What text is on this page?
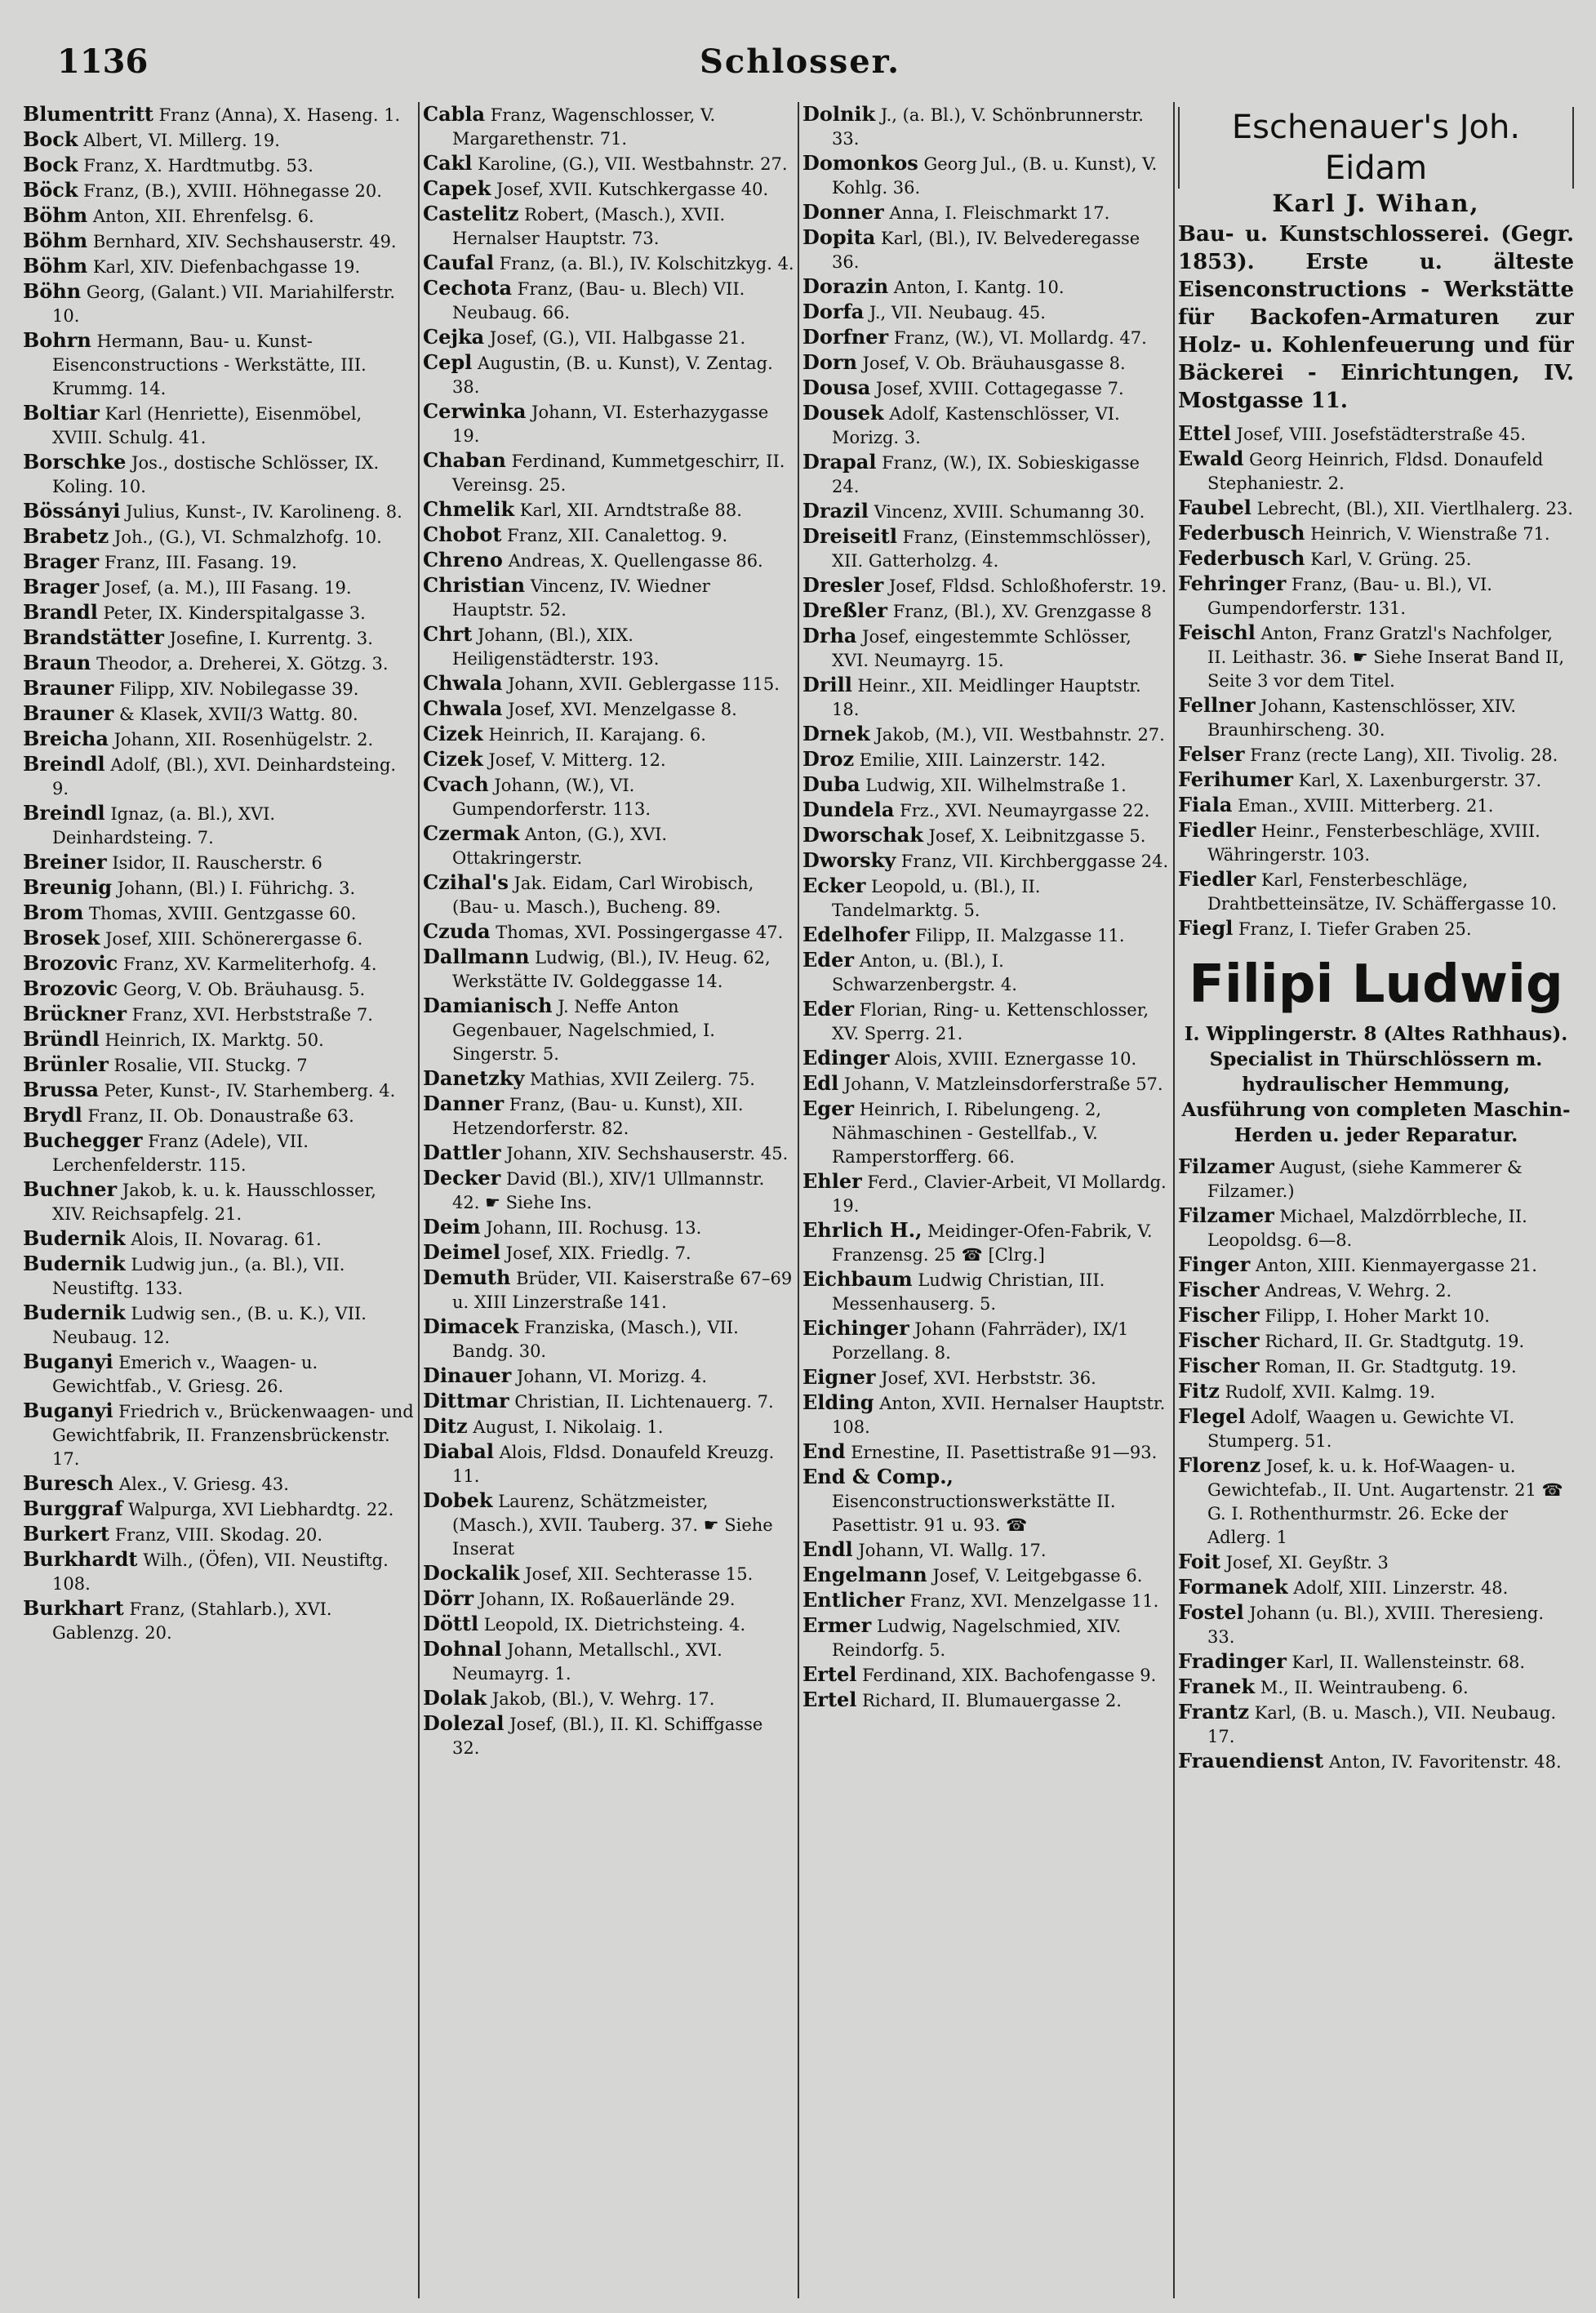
1136	Schlosser.

Blumentritt Franz (Anna), X. Haseng. 1.

Bock Albert, VI. Millerg. 19.

Bock Franz, X. Hardtmutbg. 53.

Böck Franz, (B.), XVIII. Höhnegasse 20.

Böhm Anton, XII. Ehrenfelsg. 6.

Böhm Bernhard, XIV. Sechshauserstr. 49.

Böhm Karl, XIV. Diefenbachgasse 19.

Böhn Georg, (Galant.) VII. Mariahilferstr. 10.

Bohrn Hermann, Bau- u. Kunst-Eisenconstructions - Werkstätte, III. Krummg. 14.

Boltiar Karl (Henriette), Eisenmöbel, XVIII. Schulg. 41.

Borschke Jos., dostische Schlösser, IX. Koling. 10.

Bössányi Julius, Kunst-, IV. Karolineng. 8.

Brabetz Joh., (G.), VI. Schmalzhofg. 10.

Brager Franz, III. Fasang. 19.

Brager Josef, (a. M.), III Fasang. 19.

Brandl Peter, IX. Kinderspitalgasse 3.

Brandstätter Josefine, I. Kurrentg. 3.

Braun Theodor, a. Dreherei, X. Götzg. 3.

Brauner Filipp, XIV. Nobilegasse 39.

Brauner & Klasek, XVII/3 Wattg. 80.

Breicha Johann, XII. Rosenhügelstr. 2.

Breindl Adolf, (Bl.), XVI. Deinhardsteing. 9.

Breindl Ignaz, (a. Bl.), XVI. Deinhardsteing. 7.

Breiner Isidor, II. Rauscherstr. 6

Breunig Johann, (Bl.) I. Führichg. 3.

Brom Thomas, XVIII. Gentzgasse 60.

Brosek Josef, XIII. Schönerergasse 6.

Brozovic Franz, XV. Karmeliterhofg. 4.

Brozovic Georg, V. Ob. Bräuhausg. 5.

Brückner Franz, XVI. Herbststraße 7.

Bründl Heinrich, IX. Marktg. 50.

Brünler Rosalie, VII. Stuckg. 7

Brussa Peter, Kunst-, IV. Starhemberg. 4.

Brydl Franz, II. Ob. Donaustraße 63.

Buchegger Franz (Adele), VII. Lerchenfelderstr. 115.

Buchner Jakob, k. u. k. Hausschlosser, XIV. Reichsapfelg. 21.

Budernik Alois, II. Novarag. 61.

Budernik Ludwig jun., (a. Bl.), VII. Neustiftg. 133.

Budernik Ludwig sen., (B. u. K.), VII. Neubaug. 12.

Buganyi Emerich v., Waagen- u. Gewichtfab., V. Griesg. 26.

Buganyi Friedrich v., Brückenwaagen- und Gewichtfabrik, II. Franzensbrückenstr. 17.

Buresch Alex., V. Griesg. 43.

Burggraf Walpurga, XVI Liebhardtg. 22.

Burkert Franz, VIII. Skodag. 20.

Burkhardt Wilh., (Öfen), VII. Neustiftg. 108.

Burkhart Franz, (Stahlarb.), XVI. Gablenzg. 20.

Cabla Franz, Wagenschlosser, V. Margarethenstr. 71.

Cakl Karoline, (G.), VII. Westbahnstr. 27.

Capek Josef, XVII. Kutschkergasse 40.

Castelitz Robert, (Masch.), XVII. Hernalser Hauptstr. 73.

Caufal Franz, (a. Bl.), IV. Kolschitzkyg. 4.

Cechota Franz, (Bau- u. Blech) VII. Neubaug. 66.

Cejka Josef, (G.), VII. Halbgasse 21.

Cepl Augustin, (B. u. Kunst), V. Zentag. 38.

Cerwinka Johann, VI. Esterhazygasse 19.

Chaban Ferdinand, Kummetgeschirr, II. Vereinsg. 25.

Chmelik Karl, XII. Arndtstraße 88.

Chobot Franz, XII. Canalettog. 9.

Chreno Andreas, X. Quellengasse 86.

Christian Vincenz, IV. Wiedner Hauptstr. 52.

Chrt Johann, (Bl.), XIX. Heiligenstädterstr. 193.

Chwala Johann, XVII. Geblergasse 115.

Chwala Josef, XVI. Menzelgasse 8.

Cizek Heinrich, II. Karajang. 6.

Cizek Josef, V. Mitterg. 12.

Cvach Johann, (W.), VI. Gumpendorferstr. 113.

Czermak Anton, (G.), XVI. Ottakringerstr.

Czihal's Jak. Eidam, Carl Wirobisch, (Bau- u. Masch.), Bucheng. 89.

Czuda Thomas, XVI. Possingergasse 47.

Dallmann Ludwig, (Bl.), IV. Heug. 62, Werkstätte IV. Goldeggasse 14.

Damianisch J. Neffe Anton Gegenbauer, Nagelschmied, I. Singerstr. 5.

Danetzky Mathias, XVII Zeilerg. 75.

Danner Franz, (Bau- u. Kunst), XII. Hetzendorferstr. 82.

Dattler Johann, XIV. Sechshauserstr. 45.

Decker David (Bl.), XIV/1 Ullmannstr. 42. ☛ Siehe Ins.

Deim Johann, III. Rochusg. 13.

Deimel Josef, XIX. Friedlg. 7.

Demuth Brüder, VII. Kaiserstraße 67–69 u. XIII Linzerstraße 141.

Dimacek Franziska, (Masch.), VII. Bandg. 30.

Dinauer Johann, VI. Morizg. 4.

Dittmar Christian, II. Lichtenauerg. 7.

Ditz August, I. Nikolaig. 1.

Diabal Alois, Fldsd. Donaufeld Kreuzg. 11.

Dobek Laurenz, Schätzmeister, (Masch.), XVII. Tauberg. 37. ☛ Siehe Inserat

Dockalik Josef, XII. Sechterasse 15.

Dörr Johann, IX. Roßauerlände 29.

Döttl Leopold, IX. Dietrichsteing. 4.

Dohnal Johann, Metallschl., XVI. Neumayrg. 1.

Dolak Jakob, (Bl.), V. Wehrg. 17.

Dolezal Josef, (Bl.), II. Kl. Schiffgasse 32.

Dolnik J., (a. Bl.), V. Schönbrunnerstr. 33.

Domonkos Georg Jul., (B. u. Kunst), V. Kohlg. 36.

Donner Anna, I. Fleischmarkt 17.

Dopita Karl, (Bl.), IV. Belvederegasse 36.

Dorazin Anton, I. Kantg. 10.

Dorfa J., VII. Neubaug. 45.

Dorfner Franz, (W.), VI. Mollardg. 47.

Dorn Josef, V. Ob. Bräuhausgasse 8.

Dousa Josef, XVIII. Cottagegasse 7.

Dousek Adolf, Kastenschlösser, VI. Morizg. 3.

Drapal Franz, (W.), IX. Sobieskigasse 24.

Drazil Vincenz, XVIII. Schumanng 30.

Dreiseitl Franz, (Einstemmschlösser), XII. Gatterholzg. 4.

Dresler Josef, Fldsd. Schloßhoferstr. 19.

Dreßler Franz, (Bl.), XV. Grenzgasse 8

Drha Josef, eingestemmte Schlösser, XVI. Neumayrg. 15.

Drill Heinr., XII. Meidlinger Hauptstr. 18.

Drnek Jakob, (M.), VII. Westbahnstr. 27.

Droz Emilie, XIII. Lainzerstr. 142.

Duba Ludwig, XII. Wilhelmstraße 1.

Dundela Frz., XVI. Neumayrgasse 22.

Dworschak Josef, X. Leibnitzgasse 5.

Dworsky Franz, VII. Kirchberggasse 24.

Ecker Leopold, u. (Bl.), II. Tandelmarktg. 5.

Edelhofer Filipp, II. Malzgasse 11.

Eder Anton, u. (Bl.), I. Schwarzenbergstr. 4.

Eder Florian, Ring- u. Kettenschlosser, XV. Sperrg. 21.

Edinger Alois, XVIII. Eznergasse 10.

Edl Johann, V. Matzleinsdorferstraße 57.

Eger Heinrich, I. Ribelungeng. 2, Nähmaschinen - Gestellfab., V. Ramperstorfferg. 66.

Ehler Ferd., Clavier-Arbeit, VI Mollardg. 19.

Ehrlich H., Meidinger-Ofen-Fabrik, V. Franzensg. 25 ☎ [Clrg.]

Eichbaum Ludwig Christian, III. Messenhauserg. 5.

Eichinger Johann (Fahrräder), IX/1 Porzellang. 8.

Eigner Josef, XVI. Herbststr. 36.

Elding Anton, XVII. Hernalser Hauptstr. 108.

End Ernestine, II. Pasettistraße 91—93.

End & Comp., Eisenconstructionswerkstätte II. Pasettistr. 91 u. 93. ☎

Endl Johann, VI. Wallg. 17.

Engelmann Josef, V. Leitgebgasse 6.

Entlicher Franz, XVI. Menzelgasse 11.

Ermer Ludwig, Nagelschmied, XIV. Reindorfg. 5.

Ertel Ferdinand, XIX. Bachofengasse 9.

Ertel Richard, II. Blumauergasse 2.

Eschenauer's Joh. Eidam
Karl J. Wihan,
Bau- u. Kunstschlosserei. (Gegr. 1853). Erste u. älteste Eisenconstructions - Werkstätte für Backofen-Armaturen zur Holz- u. Kohlenfeuerung und für Bäckerei - Einrichtungen, IV. Mostgasse 11.

Ettel Josef, VIII. Josefstädterstraße 45.

Ewald Georg Heinrich, Fldsd. Donaufeld Stephaniestr. 2.

Faubel Lebrecht, (Bl.), XII. Viertlhalerg. 23.

Federbusch Heinrich, V. Wienstraße 71.

Federbusch Karl, V. Grüng. 25.

Fehringer Franz, (Bau- u. Bl.), VI. Gumpendorferstr. 131.

Feischl Anton, Franz Gratzl's Nachfolger, II. Leithastr. 36. ☛ Siehe Inserat Band II, Seite 3 vor dem Titel.

Fellner Johann, Kastenschlösser, XIV. Braunhirscheng. 30.

Felser Franz (recte Lang), XII. Tivolig. 28.

Ferihumer Karl, X. Laxenburgerstr. 37.

Fiala Eman., XVIII. Mitterberg. 21.

Fiedler Heinr., Fensterbeschläge, XVIII. Währingerstr. 103.

Fiedler Karl, Fensterbeschläge, Drahtbetteinsätze, IV. Schäffergasse 10.

Fiegl Franz, I. Tiefer Graben 25.

Filipi Ludwig
I. Wipplingerstr. 8 (Altes Rathhaus). Specialist in Thürschlössern m. hydraulischer Hemmung, Ausführung von completen Maschin-Herden u. jeder Reparatur.

Filzamer August, (siehe Kammerer & Filzamer.)

Filzamer Michael, Malzdörrbleche, II. Leopoldsg. 6—8.

Finger Anton, XIII. Kienmayergasse 21.

Fischer Andreas, V. Wehrg. 2.

Fischer Filipp, I. Hoher Markt 10.

Fischer Richard, II. Gr. Stadtgutg. 19.

Fischer Roman, II. Gr. Stadtgutg. 19.

Fitz Rudolf, XVII. Kalmg. 19.

Flegel Adolf, Waagen u. Gewichte VI. Stumperg. 51.

Florenz Josef, k. u. k. Hof-Waagen- u. Gewichtefab., II. Unt. Augartenstr. 21 ☎ G. I. Rothenthurmstr. 26. Ecke der Adlerg. 1

Foit Josef, XI. Geyßtr. 3

Formanek Adolf, XIII. Linzerstr. 48.

Fostel Johann (u. Bl.), XVIII. Theresieng. 33.

Fradinger Karl, II. Wallensteinstr. 68.

Franek M., II. Weintraubeng. 6.

Frantz Karl, (B. u. Masch.), VII. Neubaug. 17.

Frauendienst Anton, IV. Favoritenstr. 48.
